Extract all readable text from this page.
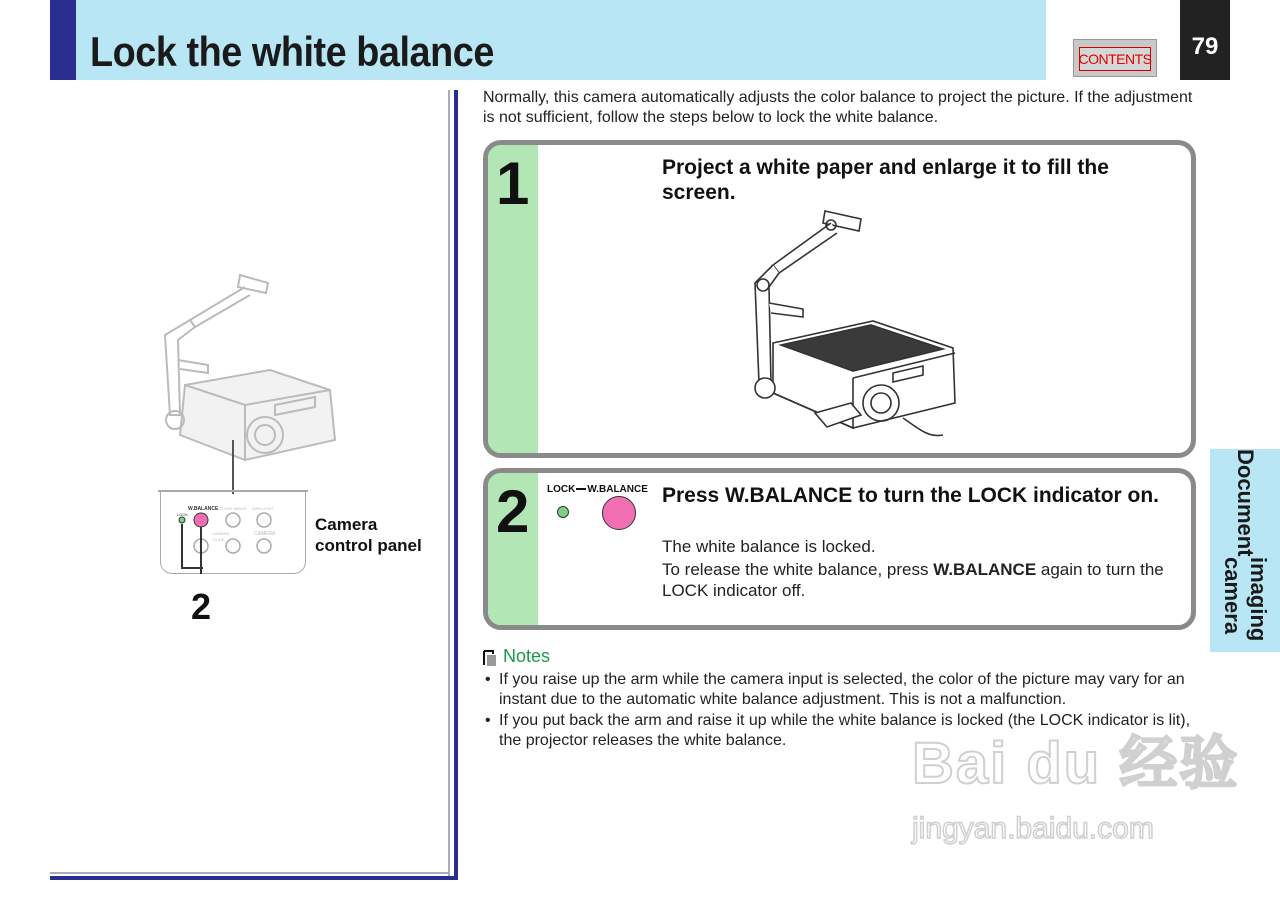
Lock the white balance	CONTENTS	79
Document
imaging camera
W.BALANCE
LOCK
STORE IMAGE ARM LIGHT
CAMERA
SLIDE
CAMERA Camera
control panel
2
Normally, this camera automatically adjusts the color balance to project the picture. If the adjustment is not sufficient, follow the steps below to lock the white balance.
1	Project a white paper and enlarge it to fill the screen.
2	LOCK W.BALANCE Press W.BALANCE to turn the LOCK indicator on.
The white balance is locked.
To release the white balance, press W.BALANCE again to turn the LOCK indicator off.
Notes
• If you raise up the arm while the camera input is selected, the color of the picture may vary for an instant due to the automatic white balance adjustment. This is not a malfunction.
• If you put back the arm and raise it up while the white balance is locked (the LOCK indicator is lit), the projector releases the white balance.	Bai du 经验
jingyan.baidu.com
